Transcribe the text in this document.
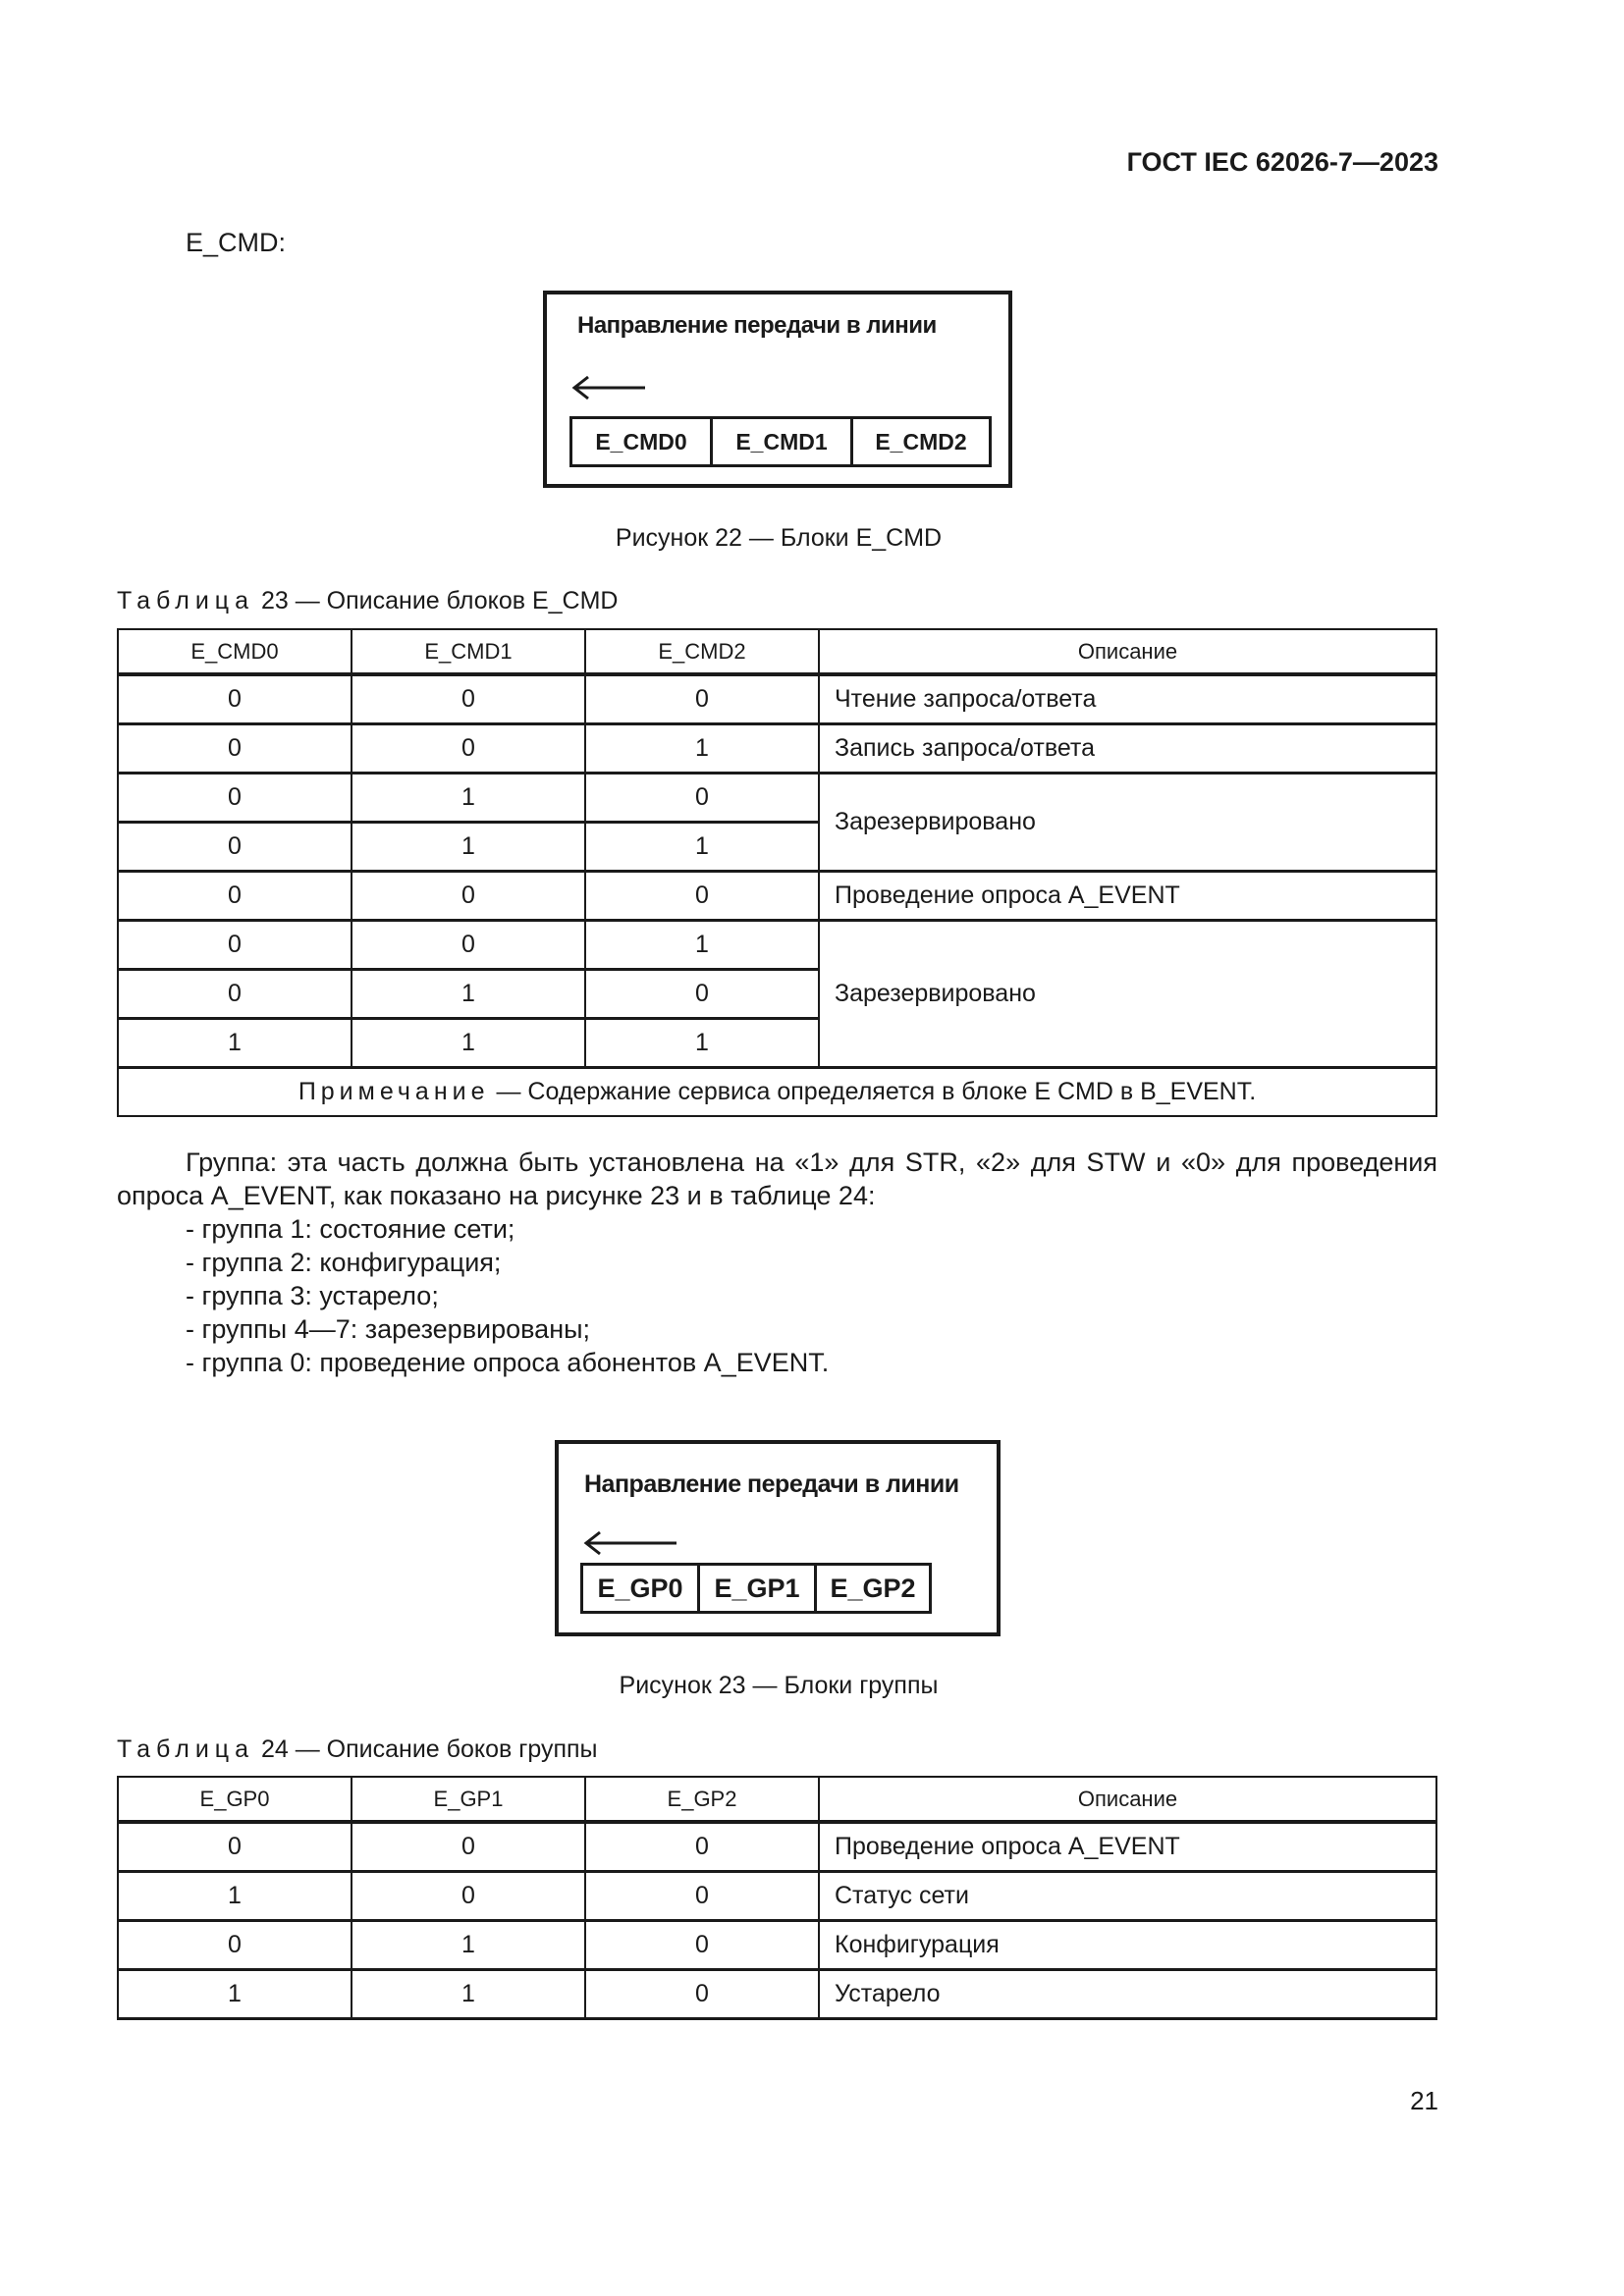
ГОСТ IEC 62026-7—2023
E_CMD:
Направление передачи в линии
E_CMD0	E_CMD1	E_CMD2
Рисунок 22 — Блоки E_CMD
Таблица 23 — Описание блоков E_CMD
E_CMD0	E_CMD1	E_CMD2	Описание
0	0	0	Чтение запроса/ответа
0	0	1	Запись запроса/ответа
0	1	0	Зарезервировано
0	1	1	
0	0	0	Проведение опроса A_EVENT
0	0	1	Зарезервировано
0	1	0	
1	1	1	
Примечание — Содержание сервиса определяется в блоке E CMD в B_EVENT.			

Группа: эта часть должна быть установлена на «1» для STR, «2» для STW и «0» для проведения опроса A_EVENT, как показано на рисунке 23 и в таблице 24:

- группа 1: состояние сети;
- группа 2: конфигурация;
- группа 3: устарело;
- группы 4—7: зарезервированы;
- группа 0: проведение опроса абонентов A_EVENT.
Направление передачи в линии
E_GP0	E_GP1	E_GP2
Рисунок 23 — Блоки группы
Таблица 24 — Описание боков группы
E_GP0	E_GP1	E_GP2	Описание
0	0	0	Проведение опроса A_EVENT
1	0	0	Статус сети
0	1	0	Конфигурация
1	1	0	Устарело
21
